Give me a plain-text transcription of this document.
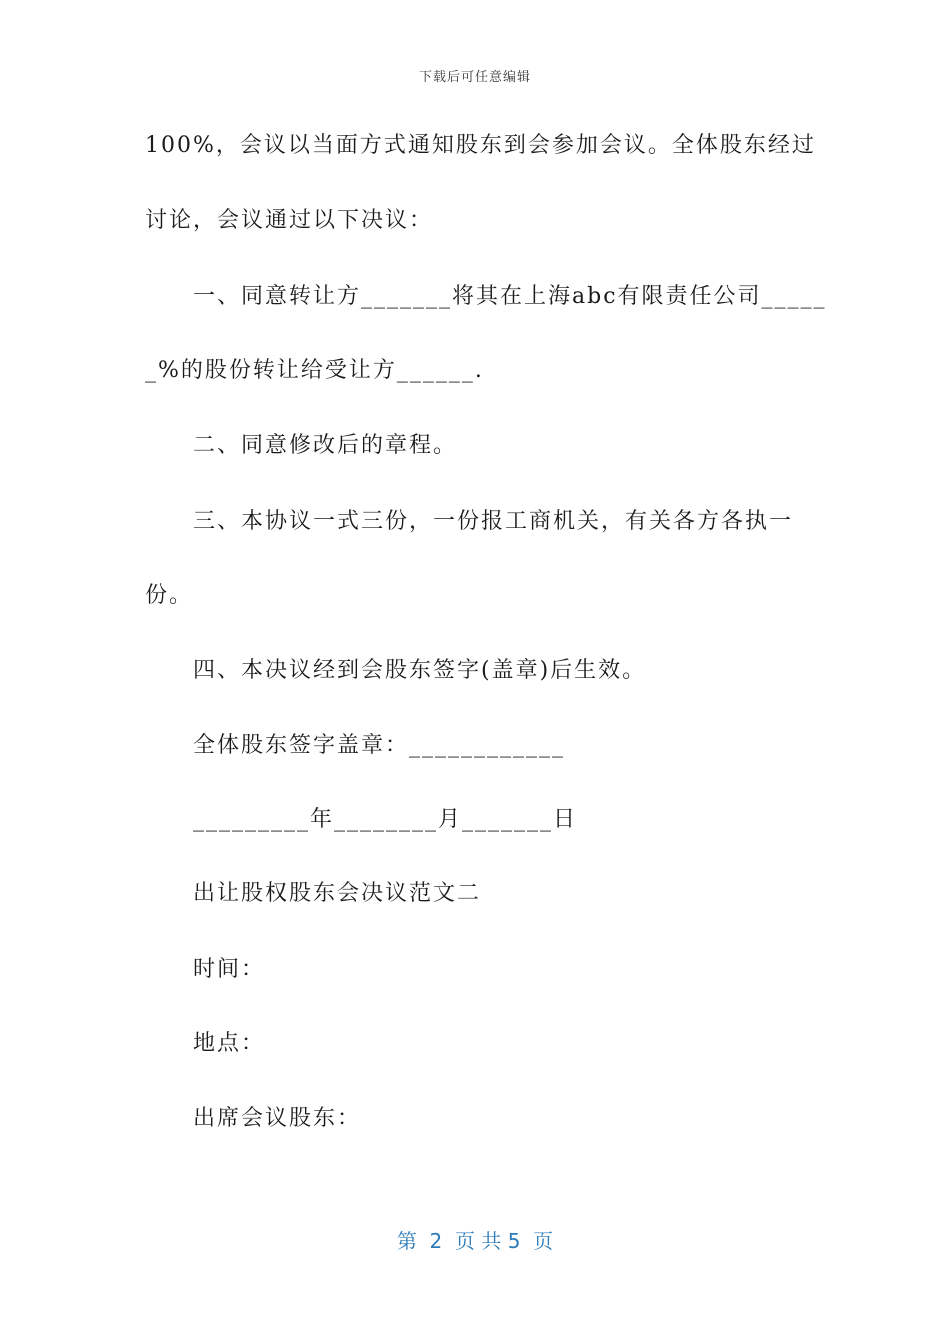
下载后可任意编辑
100%，会议以当面方式通知股东到会参加会议。全体股东经过
讨论，会议通过以下决议：
一、同意转让方_______将其在上海abc有限责任公司_____
_%的股份转让给受让方______.
二、同意修改后的章程。
三、本协议一式三份，一份报工商机关，有关各方各执一
份。
四、本决议经到会股东签字(盖章)后生效。
全体股东签字盖章：____________
_________年________月_______日
出让股权股东会决议范文二
时间：
地点：
出席会议股东：
第  2  页 共 5  页
